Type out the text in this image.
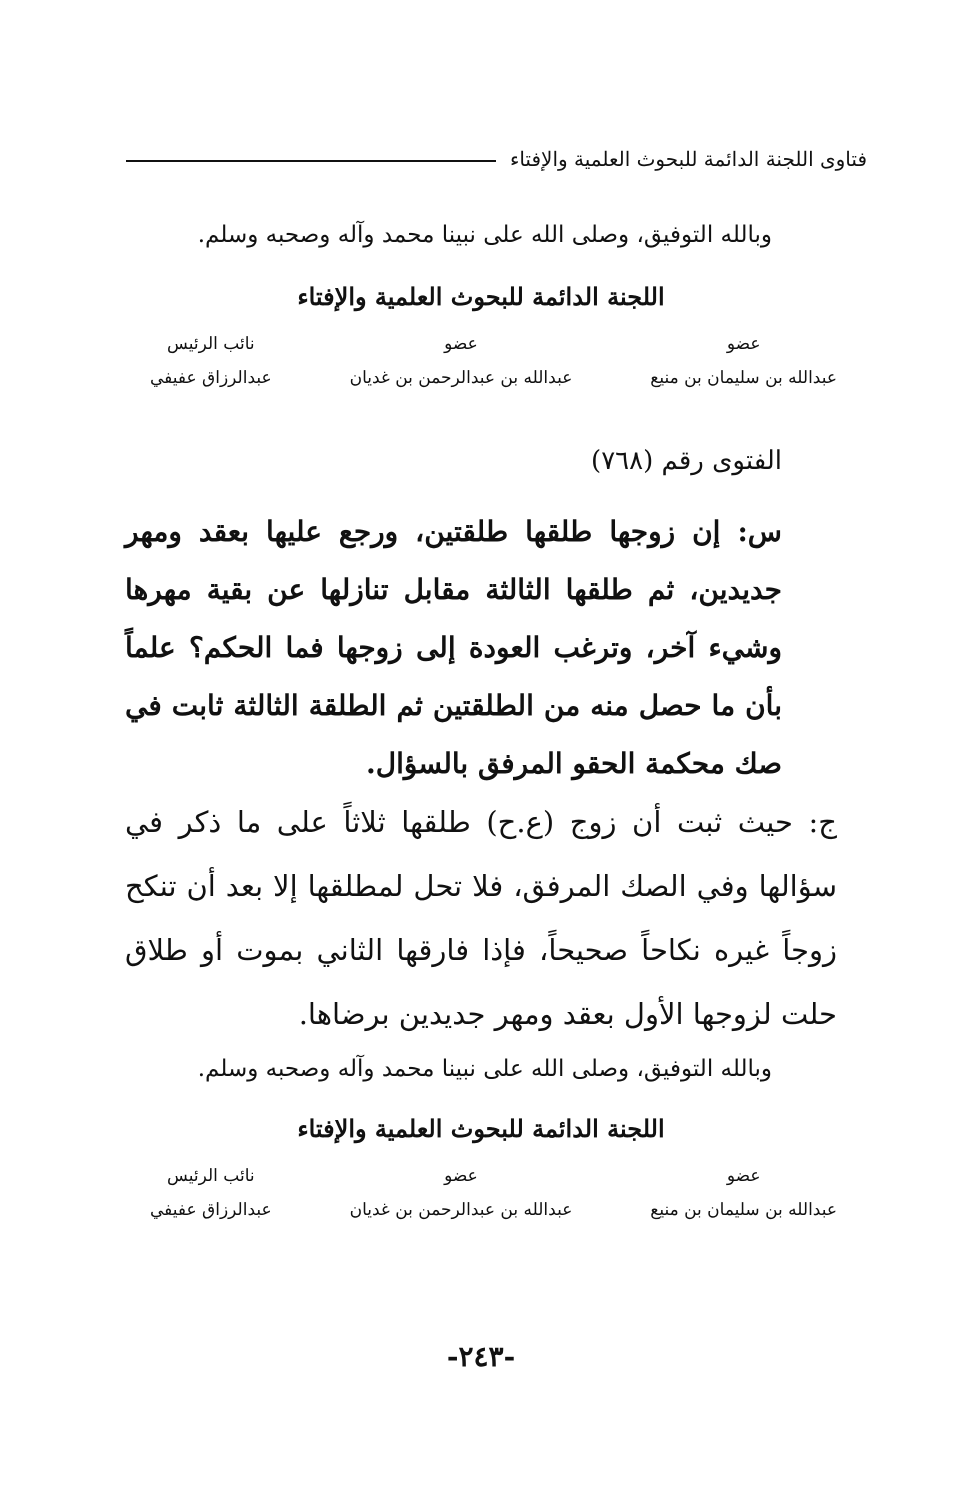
فتاوى اللجنة الدائمة للبحوث العلمية والإفتاء
وبالله التوفيق، وصلى الله على نبينا محمد وآله وصحبه وسلم.
اللجنة الدائمة للبحوث العلمية والإفتاء
عضو
عبدالله بن سليمان بن منيع
عضو
عبدالله بن عبدالرحمن بن غديان
نائب الرئيس
عبدالرزاق عفيفي
الفتوى رقم (٧٦٨)
س: إن زوجها طلقها طلقتين، ورجع عليها بعقد ومهر جديدين، ثم طلقها الثالثة مقابل تنازلها عن بقية مهرها وشيء آخر، وترغب العودة إلى زوجها فما الحكم؟ علماً بأن ما حصل منه من الطلقتين ثم الطلقة الثالثة ثابت في صك محكمة الحقو المرفق بالسؤال.
ج: حيث ثبت أن زوج (ع.ح) طلقها ثلاثاً على ما ذكر في سؤالها وفي الصك المرفق، فلا تحل لمطلقها إلا بعد أن تنكح زوجاً غيره نكاحاً صحيحاً، فإذا فارقها الثاني بموت أو طلاق حلت لزوجها الأول بعقد ومهر جديدين برضاها.
وبالله التوفيق، وصلى الله على نبينا محمد وآله وصحبه وسلم.
اللجنة الدائمة للبحوث العلمية والإفتاء
عضو
عبدالله بن سليمان بن منيع
عضو
عبدالله بن عبدالرحمن بن غديان
نائب الرئيس
عبدالرزاق عفيفي
-٢٤٣-
